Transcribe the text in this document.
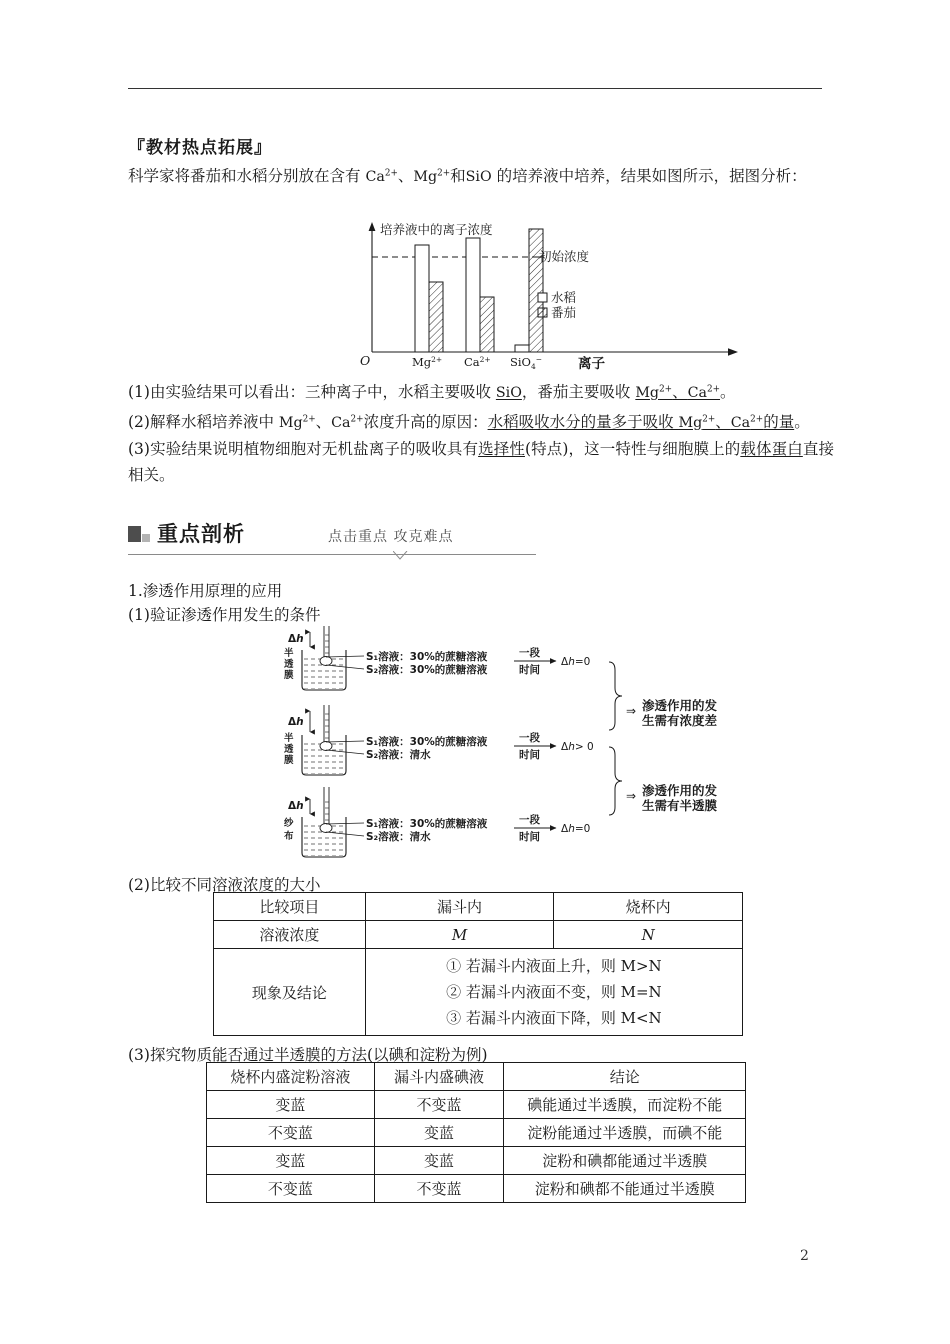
『教材热点拓展』
科学家将番茄和水稻分别放在含有 $Ca^{2+}$、$Mg^{2+}$和SiO 的培养液中培养，结果如图所示，据图分析：
培养液中的离子浓度
初始浓度
水稻
番茄
O	$Mg^{2+}$ $Ca^{2+}$ SiO$_4$−	离子

(1)由实验结果可以看出：三种离子中，水稻主要吸收 SiO，番茄主要吸收 $Mg^{2+}$、$Ca^{2+}$。

(2)解释水稻培养液中 $Mg^{2+}$、$Ca^{2+}$浓度升高的原因：水稻吸收水分的量多于吸收 $Mg^{2+}$、$Ca^{2+}$的量。

(3)实验结果说明植物细胞对无机盐离子的吸收具有选择性(特点)，这一特性与细胞膜上的载体蛋白直接相关。

重点剖析	点击重点 攻克难点
1.渗透作用原理的应用
(1)验证渗透作用发生的条件
Δh
半
透
膜
S₁溶液：30%的蔗糖溶液
S₂溶液：30%的蔗糖溶液
一段
时间
Δh=0
Δh
半
透
膜
S₁溶液：30%的蔗糖溶液
S₂溶液：清水
一段
时间
Δh> 0
Δh
纱
布
S₁溶液：30%的蔗糖溶液
S₂溶液：清水
一段
时间
Δh=0
⇒ 渗透作用的发
生需有浓度差
⇒ 渗透作用的发
生需有半透膜
(2)比较不同溶液浓度的大小
比较项目	漏斗内	烧杯内
溶液浓度	M	N
现象及结论	① 若漏斗内液面上升，则 M>N
② 若漏斗内液面不变，则 M=N
③ 若漏斗内液面下降，则 M<N	
(3)探究物质能否通过半透膜的方法(以碘和淀粉为例)
烧杯内盛淀粉溶液	漏斗内盛碘液	结论
变蓝	不变蓝	碘能通过半透膜，而淀粉不能
不变蓝	变蓝	淀粉能通过半透膜，而碘不能
变蓝	变蓝	淀粉和碘都能通过半透膜
不变蓝	不变蓝	淀粉和碘都不能通过半透膜
2
